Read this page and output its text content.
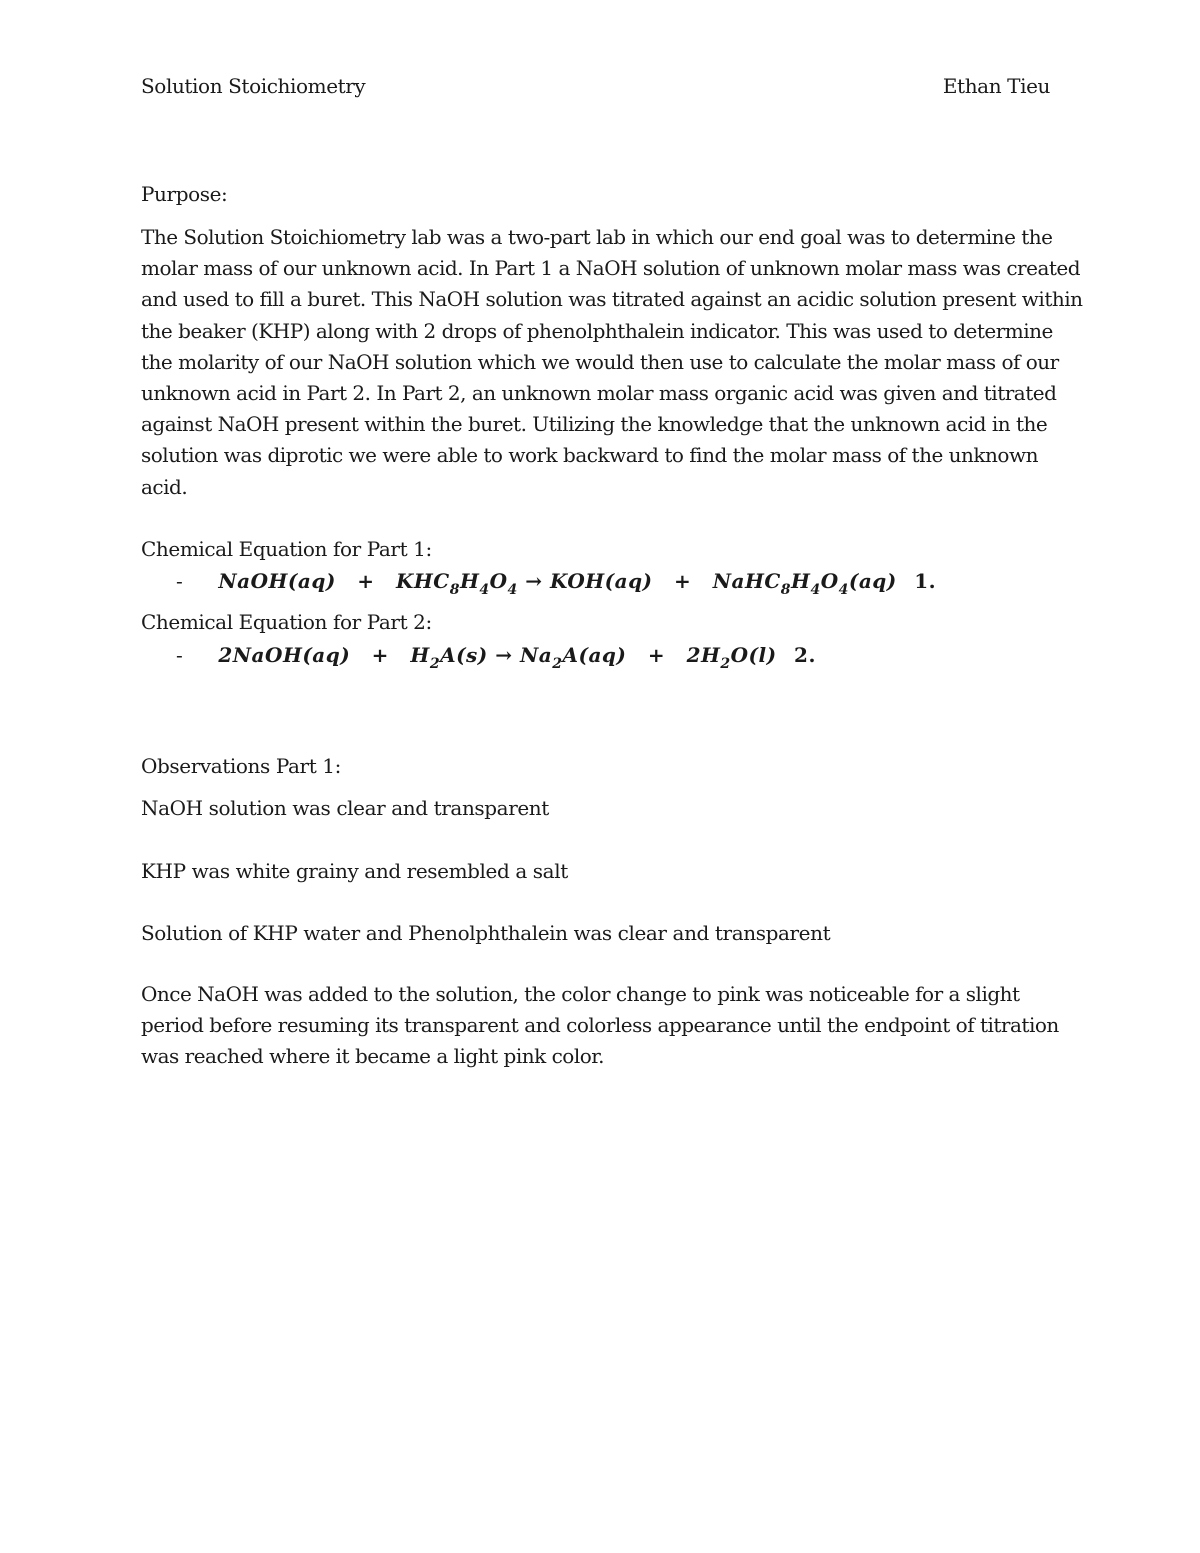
Solution Stoichiometry	Ethan Tieu
Purpose:
The Solution Stoichiometry lab was a two-part lab in which our end goal was to determine the
molar mass of our unknown acid. In Part 1 a NaOH solution of unknown molar mass was created
and used to fill a buret. This NaOH solution was titrated against an acidic solution present within
the beaker (KHP) along with 2 drops of phenolphthalein indicator. This was used to determine
the molarity of our NaOH solution which we would then use to calculate the molar mass of our
unknown acid in Part 2. In Part 2, an unknown molar mass organic acid was given and titrated
against NaOH present within the buret. Utilizing the knowledge that the unknown acid in the
solution was diprotic we were able to work backward to find the molar mass of the unknown
acid.
Chemical Equation for Part 1:
- NaOH(aq) + $KHC_8H_4O_4 \to KOH(aq)$ + $NaHC_8H_4O_4(aq)$ 1.
Chemical Equation for Part 2:
- 2NaOH(aq) + $H_2A(s) \to Na_2A(aq) + 2H_2O(l)$ 2.
Observations Part 1:
NaOH solution was clear and transparent
KHP was white grainy and resembled a salt
Solution of KHP water and Phenolphthalein was clear and transparent
Once NaOH was added to the solution, the color change to pink was noticeable for a slight
period before resuming its transparent and colorless appearance until the endpoint of titration
was reached where it became a light pink color.
